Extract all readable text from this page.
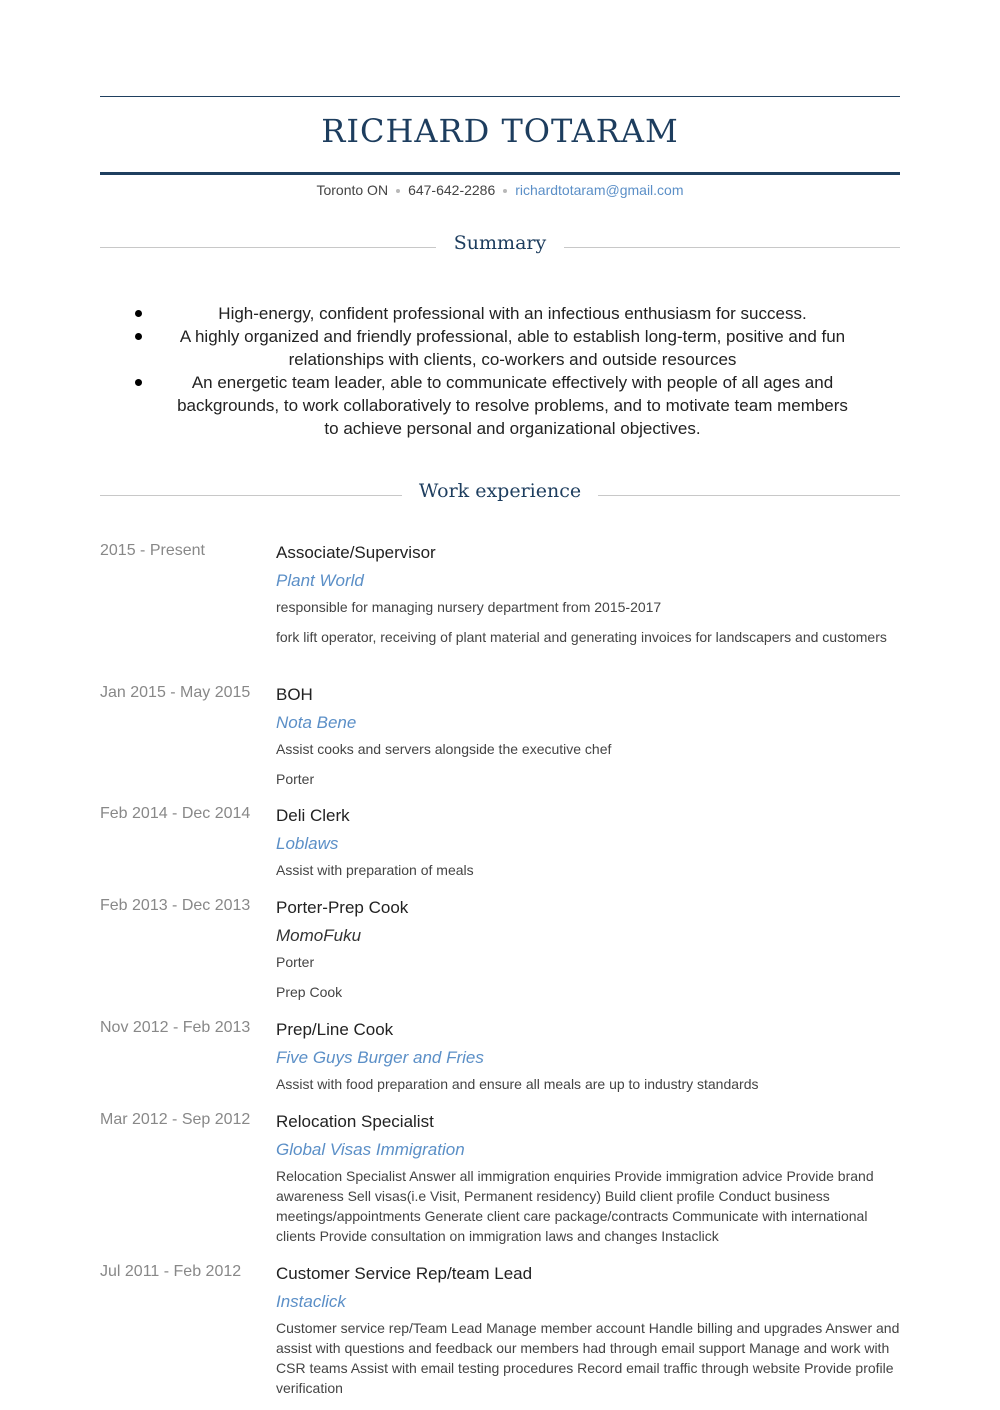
RICHARD TOTARAM
Toronto ON 647-642-2286 richardtotaram@gmail.com
Summary
High-energy, confident professional with an infectious enthusiasm for success.
A highly organized and friendly professional, able to establish long-term, positive and fun relationships with clients, co-workers and outside resources
An energetic team leader, able to communicate effectively with people of all ages and backgrounds, to work collaboratively to resolve problems, and to motivate team members to achieve personal and organizational objectives.
Work experience
2015 - Present	Associate/Supervisor
Plant World
responsible for managing nursery department from 2015-2017
fork lift operator, receiving of plant material and generating invoices for landscapers and customers
Jan 2015 - May 2015 BOH
Nota Bene
Assist cooks and servers alongside the executive chef
Porter
Feb 2014 - Dec 2014 Deli Clerk
Loblaws
Assist with preparation of meals
Feb 2013 - Dec 2013 Porter-Prep Cook
MomoFuku
Porter
Prep Cook
Nov 2012 - Feb 2013 Prep/Line Cook
Five Guys Burger and Fries
Assist with food preparation and ensure all meals are up to industry standards
Mar 2012 - Sep 2012 Relocation Specialist
Global Visas Immigration
Relocation Specialist Answer all immigration enquiries Provide immigration advice Provide brand awareness Sell visas(i.e Visit, Permanent residency) Build client profile Conduct business meetings/appointments Generate client care package/contracts Communicate with international clients Provide consultation on immigration laws and changes Instaclick
Jul 2011 - Feb 2012 Customer Service Rep/team Lead
Instaclick
Customer service rep/Team Lead Manage member account Handle billing and upgrades Answer and assist with questions and feedback our members had through email support Manage and work with CSR teams Assist with email testing procedures Record email traffic through website Provide profile verification
